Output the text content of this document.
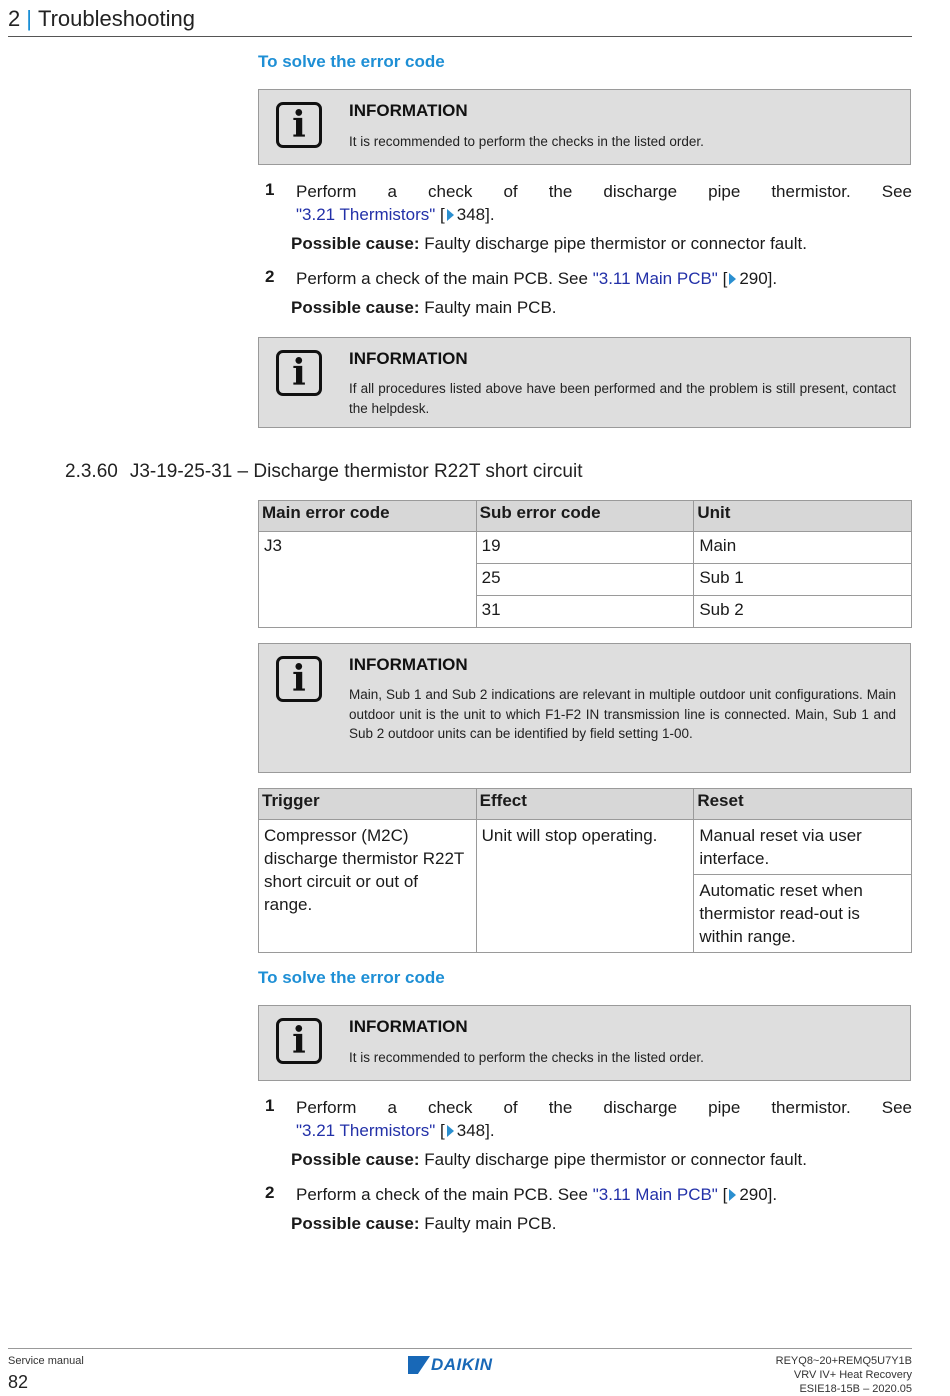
2 | Troubleshooting
To solve the error code
i	INFORMATION
It is recommended to perform the checks in the listed order.
1 Perform a check of the discharge pipe thermistor. See
"3.21 Thermistors" [ 348].
Possible cause: Faulty discharge pipe thermistor or connector fault.
2 Perform a check of the main PCB. See "3.11 Main PCB" [ 290].
Possible cause: Faulty main PCB.
i	INFORMATION
If all procedures listed above have been performed and the problem is still present, contact the helpdesk.
2.3.60 J3-19-25-31 – Discharge thermistor R22T short circuit
Main error code	Sub error code	Unit
J3	19	Main
	25	Sub 1
	31	Sub 2
i	INFORMATION
Main, Sub 1 and Sub 2 indications are relevant in multiple outdoor unit configurations. Main outdoor unit is the unit to which F1-F2 IN transmission line is connected. Main, Sub 1 and Sub 2 outdoor units can be identified by field setting 1-00.
Trigger	Effect	Reset
Compressor (M2C) discharge thermistor R22T short circuit or out of range.	Unit will stop operating.	Manual reset via user interface.
		Automatic reset when thermistor read-out is within range.
To solve the error code
i	INFORMATION
It is recommended to perform the checks in the listed order.
1 Perform a check of the discharge pipe thermistor. See
"3.21 Thermistors" [ 348].
Possible cause: Faulty discharge pipe thermistor or connector fault.
2 Perform a check of the main PCB. See "3.11 Main PCB" [ 290].
Possible cause: Faulty main PCB.
Service manual
82
DAIKIN	REYQ8~20+REMQ5U7Y1B
VRV IV+ Heat Recovery
ESIE18-15B – 2020.05
